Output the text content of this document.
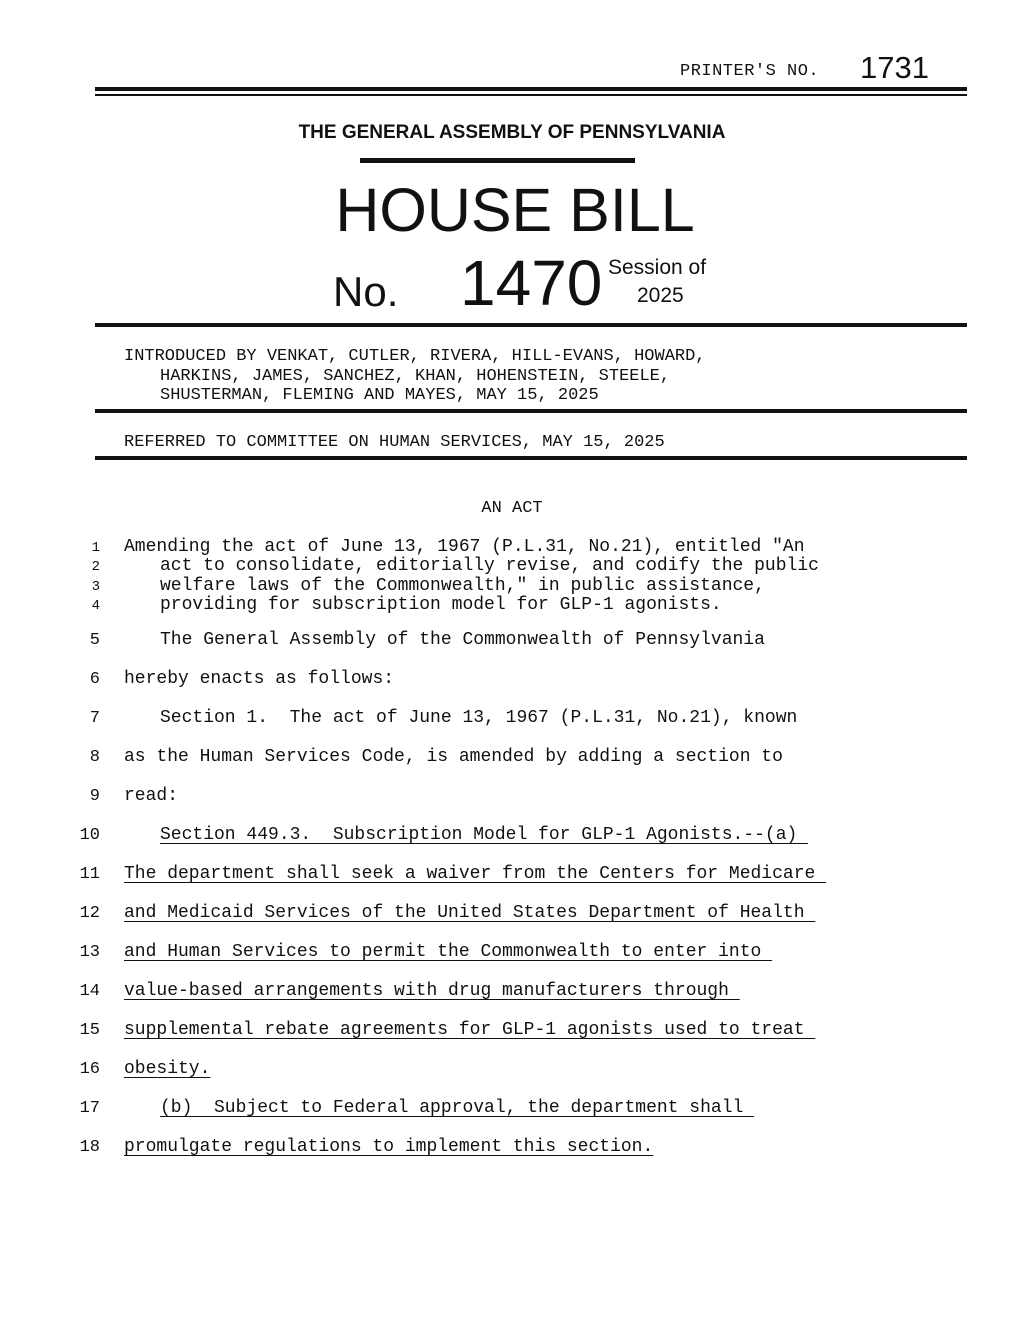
PRINTER'S NO. 1731
THE GENERAL ASSEMBLY OF PENNSYLVANIA
HOUSE BILL
No. 1470 Session of
2025
INTRODUCED BY VENKAT, CUTLER, RIVERA, HILL-EVANS, HOWARD,
HARKINS, JAMES, SANCHEZ, KHAN, HOHENSTEIN, STEELE,
SHUSTERMAN, FLEMING AND MAYES, MAY 15, 2025
REFERRED TO COMMITTEE ON HUMAN SERVICES, MAY 15, 2025
AN ACT
1 Amending the act of June 13, 1967 (P.L.31, No.21), entitled "An
2	act to consolidate, editorially revise, and codify the public
3	welfare laws of the Commonwealth," in public assistance,
4	providing for subscription model for GLP-1 agonists.
5	The General Assembly of the Commonwealth of Pennsylvania
6 hereby enacts as follows:
7	Section 1.  The act of June 13, 1967 (P.L.31, No.21), known
8 as the Human Services Code, is amended by adding a section to
9 read:
10	Section 449.3.  Subscription Model for GLP-1 Agonists.--(a)
11 The department shall seek a waiver from the Centers for Medicare
12 and Medicaid Services of the United States Department of Health
13 and Human Services to permit the Commonwealth to enter into
14 value-based arrangements with drug manufacturers through
15 supplemental rebate agreements for GLP-1 agonists used to treat
16 obesity.
17	(b)  Subject to Federal approval, the department shall
18 promulgate regulations to implement this section.
